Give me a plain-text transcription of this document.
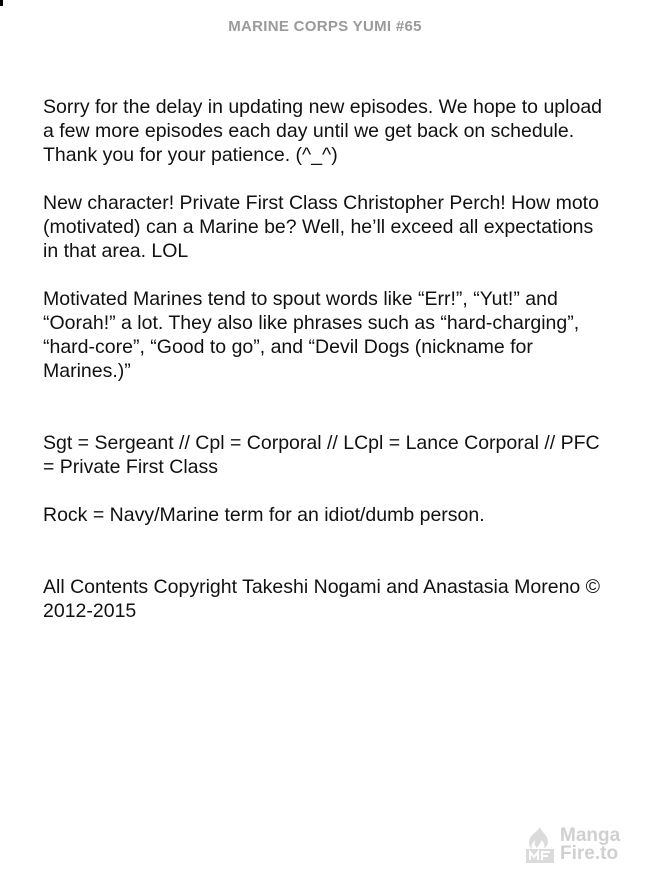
MARINE CORPS YUMI #65

Sorry for the delay in updating new episodes. We hope to upload a few more episodes each day until we get back on schedule. Thank you for your patience. (^_^)

New character! Private First Class Christopher Perch! How moto (motivated) can a Marine be? Well, he’ll exceed all expectations in that area. LOL

Motivated Marines tend to spout words like “Err!”, “Yut!” and “Oorah!” a lot. They also like phrases such as “hard-charging”, “hard-core”, “Good to go”, and “Devil Dogs (nickname for Marines.)”

Sgt = Sergeant // Cpl = Corporal // LCpl = Lance Corporal // PFC = Private First Class

Rock = Navy/Marine term for an idiot/dumb person.

All Contents Copyright Takeshi Nogami and Anastasia Moreno © 2012-2015

Manga
Fire.to
